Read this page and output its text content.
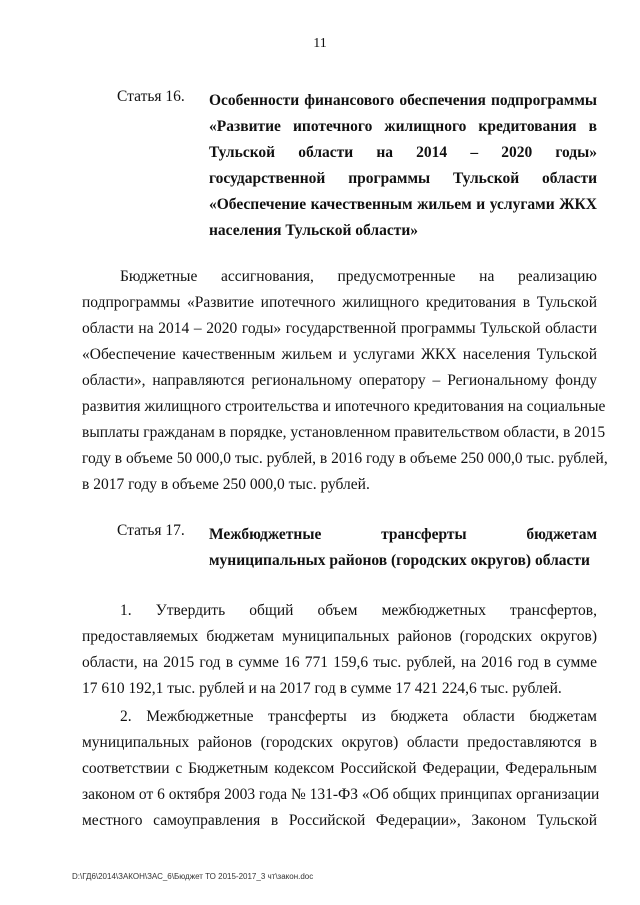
11
Статья 16. Особенности финансового обеспечения подпрограммы
«Развитие ипотечного жилищного кредитования в
Тульской области на 2014 – 2020 годы»
государственной программы Тульской области
«Обеспечение качественным жильем и услугами ЖКХ
населения Тульской области»
Бюджетные ассигнования, предусмотренные на реализацию
подпрограммы «Развитие ипотечного жилищного кредитования в Тульской
области на 2014 – 2020 годы» государственной программы Тульской области
«Обеспечение качественным жильем и услугами ЖКХ населения Тульской
области», направляются региональному оператору – Региональному фонду
развития жилищного строительства и ипотечного кредитования на социальные
выплаты гражданам в порядке, установленном правительством области, в 2015
году в объеме 50 000,0 тыс. рублей, в 2016 году в объеме 250 000,0 тыс. рублей,
в 2017 году в объеме 250 000,0 тыс. рублей.
Статья 17. Межбюджетные трансферты бюджетам
муниципальных районов (городских округов) области
1. Утвердить общий объем межбюджетных трансфертов,
предоставляемых бюджетам муниципальных районов (городских округов)
области, на 2015 год в сумме 16 771 159,6 тыс. рублей, на 2016 год в сумме
17 610 192,1 тыс. рублей и на 2017 год в сумме 17 421 224,6 тыс. рублей.
2. Межбюджетные трансферты из бюджета области бюджетам
муниципальных районов (городских округов) области предоставляются в
соответствии с Бюджетным кодексом Российской Федерации, Федеральным
законом от 6 октября 2003 года № 131-ФЗ «Об общих принципах организации
местного самоуправления в Российской Федерации», Законом Тульской
D:\ГД6\2014\ЗАКОН\ЗАС_6\Бюджет ТО 2015-2017_3 чт\закон.doc
